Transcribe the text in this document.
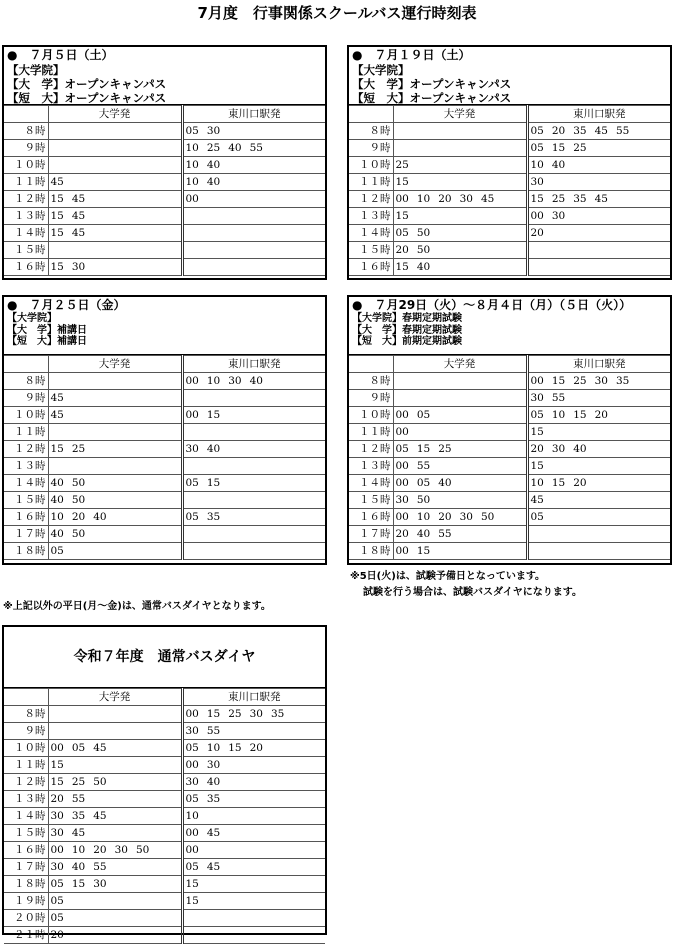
7月度　行事関係スクールバス運行時刻表
●　７月５日（土）
【大学院】
【大　学】オープンキャンパス
【短　大】オープンキャンパス
	大学発	東川口駅発
８時		05 30
９時		10 25 40 55
１０時		10 40
１１時	45	10 40
１２時	15 45	00
１３時	15 45	
１４時	15 45	
１５時		
１６時	15 30	
●　７月１９日（土）
【大学院】
【大　学】オープンキャンパス
【短　大】オープンキャンパス
	大学発	東川口駅発
８時		05 20 35 45 55
９時		05 15 25
１０時	25	10 40
１１時	15	30
１２時	00 10 20 30 45	15 25 35 45
１３時	15	00 30
１４時	05 50	20
１５時	20 50	
１６時	15 40	
●　７月２５日（金）
【大学院】
【大　学】補講日
【短　大】補講日
	大学発	東川口駅発
８時		00 10 30 40
９時	45	
１０時	45	00 15
１１時		
１２時	15 25	30 40
１３時		
１４時	40 50	05 15
１５時	40 50	
１６時	10 20 40	05 35
１７時	40 50	
１８時	05	
●　７月29日（火）～８月４日（月）（５日（火））
【大学院】春期定期試験
【大　学】春期定期試験
【短　大】前期定期試験
	大学発	東川口駅発
８時		00 15 25 30 35
９時		30 55
１０時	00 05	05 10 15 20
１１時	00	15
１２時	05 15 25	20 30 40
１３時	00 55	15
１４時	00 05 40	10 15 20
１５時	30 50	45
１６時	00 10 20 30 50	05
１７時	20 40 55	
１８時	00 15	
※5日(火)は、試験予備日となっています。
試験を行う場合は、試験バスダイヤになります。
※上記以外の平日(月～金)は、通常バスダイヤとなります。
令和７年度　通常バスダイヤ
	大学発	東川口駅発
８時		00 15 25 30 35
９時		30 55
１０時	00 05 45	05 10 15 20
１１時	15	00 30
１２時	15 25 50	30 40
１３時	20 55	05 35
１４時	30 35 45	10
１５時	30 45	00 45
１６時	00 10 20 30 50	00
１７時	30 40 55	05 45
１８時	05 15 30	15
１９時	05	15
２０時	05	
２１時	20	
